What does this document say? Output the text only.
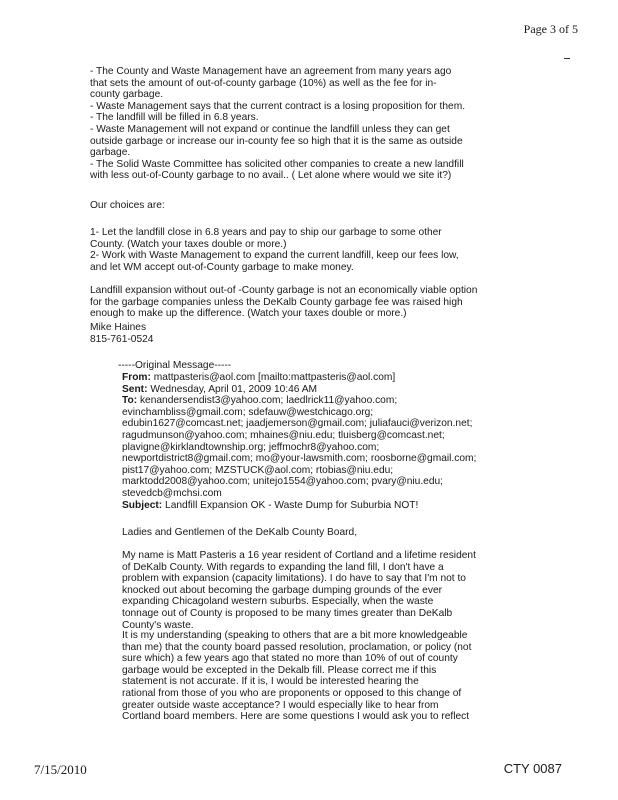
Page 3 of 5
- The County and Waste Management have an agreement from many years ago
that sets the amount of out-of-county garbage (10%) as well as the fee for in-
county garbage.
- Waste Management says that the current contract is a losing proposition for them.
- The landfill will be filled in 6.8 years.
- Waste Management will not expand or continue the landfill unless they can get
outside garbage or increase our in-county fee so high that it is the same as outside
garbage.
- The Solid Waste Committee has solicited other companies to create a new landfill
with less out-of-County garbage to no avail.. ( Let alone where would we site it?)
Our choices are:
1- Let the landfill close in 6.8 years and pay to ship our garbage to some other
County. (Watch your taxes double or more.)
2- Work with Waste Management to expand the current landfill, keep our fees low,
and let WM accept out-of-County garbage to make money.
Landfill expansion without out-of -County garbage is not an economically viable option
for the garbage companies unless the DeKalb County garbage fee was raised high
enough to make up the difference. (Watch your taxes double or more.)
Mike Haines
815-761-0524
-----Original Message-----
From: mattpasteris@aol.com [mailto:mattpasteris@aol.com]
Sent: Wednesday, April 01, 2009 10:46 AM
To: kenandersendist3@yahoo.com; laedlrick11@yahoo.com;
evinchambliss@gmail.com; sdefauw@westchicago.org;
edubin1627@comcast.net; jaadjemerson@gmail.com; juliafauci@verizon.net;
ragudmunson@yahoo.com; mhaines@niu.edu; tluisberg@comcast.net;
plavigne@kirklandtownship.org; jeffmochr8@yahoo.com;
newportdistrict8@gmail.com; mo@your-lawsmith.com; roosborne@gmail.com;
pist17@yahoo.com; MZSTUCK@aol.com; rtobias@niu.edu;
marktodd2008@yahoo.com; unitejo1554@yahoo.com; pvary@niu.edu;
stevedcb@mchsi.com
Subject: Landfill Expansion OK - Waste Dump for Suburbia NOT!
Ladies and Gentlemen of the DeKalb County Board,
My name is Matt Pasteris a 16 year resident of Cortland and a lifetime resident
of DeKalb County. With regards to expanding the land fill, I don't have a
problem with expansion (capacity limitations). I do have to say that I'm not to
knocked out about becoming the garbage dumping grounds of the ever
expanding Chicagoland western suburbs. Especially, when the waste
tonnage out of County is proposed to be many times greater than DeKalb
County's waste.
It is my understanding (speaking to others that are a bit more knowledgeable
than me) that the county board passed resolution, proclamation, or policy (not
sure which) a few years ago that stated no more than 10% of out of county
garbage would be excepted in the Dekalb fill. Please correct me if this
statement is not accurate. If it is, I would be interested hearing the
rational from those of you who are proponents or opposed to this change of
greater outside waste acceptance? I would especially like to hear from
Cortland board members. Here are some questions I would ask you to reflect
7/15/2010	CTY 0087
